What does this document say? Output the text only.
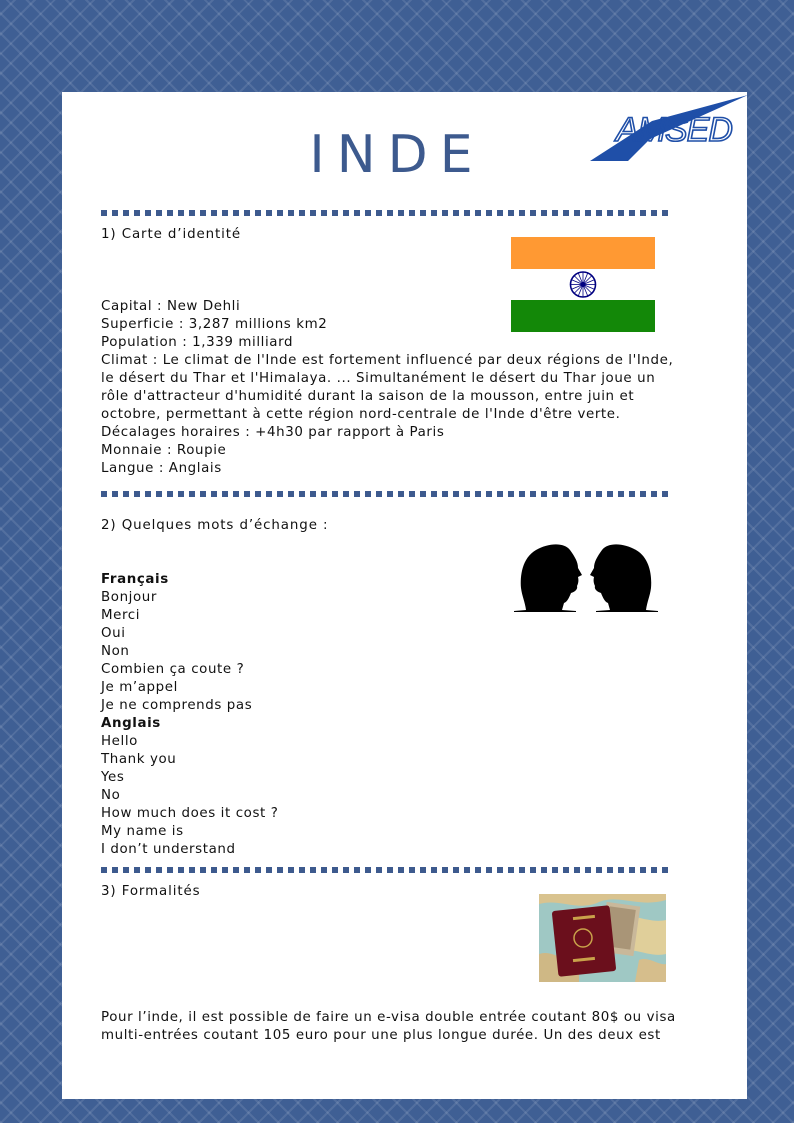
INDE	AMSED
1) Carte d’identité
Capital : New Dehli
Superficie : 3,287 millions km2
Population : 1,339 milliard
Climat : Le climat de l'Inde est fortement influencé par deux régions de l'Inde,
le désert du Thar et l'Himalaya. ... Simultanément le désert du Thar joue un
rôle d'attracteur d'humidité durant la saison de la mousson, entre juin et
octobre, permettant à cette région nord-centrale de l'Inde d'être verte.
Décalages horaires : +4h30 par rapport à Paris
Monnaie : Roupie
Langue : Anglais
2) Quelques mots d’échange :
Français
Bonjour
Merci
Oui
Non
Combien ça coute ?
Je m’appel
Je ne comprends pas
Anglais
Hello
Thank you
Yes
No
How much does it cost ?
My name is
I don’t understand
3) Formalités
Pour l’inde, il est possible de faire un e-visa double entrée coutant 80$ ou visa
multi-entrées coutant 105 euro pour une plus longue durée. Un des deux est
